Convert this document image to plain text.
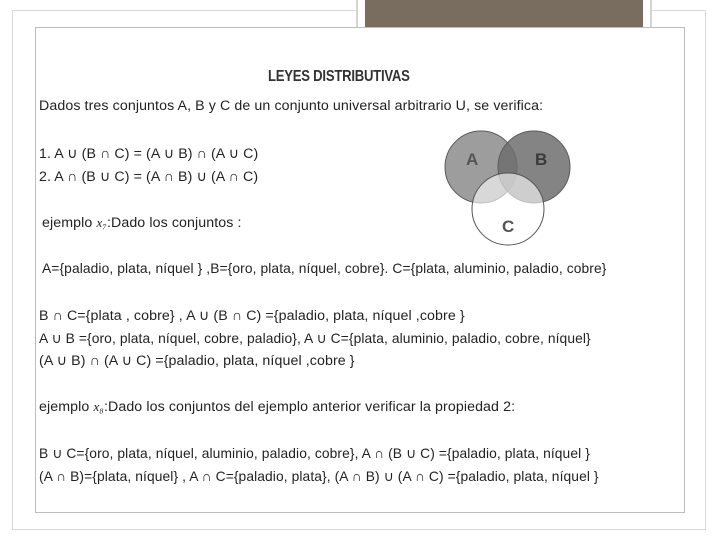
LEYES DISTRIBUTIVAS
Dados tres conjuntos A, B y C de un conjunto universal arbitrario U, se verifica:
1. A ∪ (B ∩ C) = (A ∪ B) ∩ (A ∪ C)
2. A ∩ (B ∪ C) = (A ∩ B) ∪ (A ∩ C)
ejemplo x₇:Dado los conjuntos :
A={paladio, plata, níquel } ,B={oro, plata, níquel, cobre}. C={plata, aluminio, paladio, cobre}
B ∩ C={plata , cobre} , A ∪ (B ∩ C) ={paladio, plata, níquel ,cobre }
A ∪ B ={oro, plata, níquel, cobre, paladio}, A ∪ C={plata, aluminio, paladio, cobre, níquel}
(A ∪ B) ∩ (A ∪ C) ={paladio, plata, níquel ,cobre }
ejemplo x₈:Dado los conjuntos del ejemplo anterior verificar la propiedad 2:
B ∪ C={oro, plata, níquel, aluminio, paladio, cobre}, A ∩ (B ∪ C) ={paladio, plata, níquel }
(A ∩ B)={plata, níquel} , A ∩ C={paladio, plata}, (A ∩ B) ∪ (A ∩ C) ={paladio, plata, níquel }
A	B
C
